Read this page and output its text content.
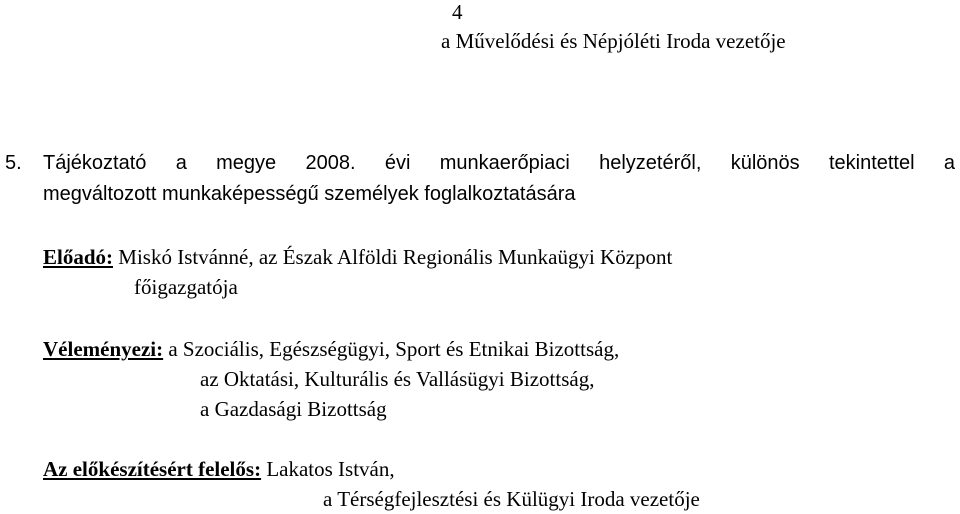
4
a Művelődési és Népjóléti Iroda vezetője
5. Tájékoztató a megye 2008. évi munkaerőpiaci helyzetéről, különös tekintettel a
megváltozott munkaképességű személyek foglalkoztatására
Előadó: Miskó Istvánné, az Észak Alföldi Regionális Munkaügyi Központ
főigazgatója
Véleményezi: a Szociális, Egészségügyi, Sport és Etnikai Bizottság,
az Oktatási, Kulturális és Vallásügyi Bizottság,
a Gazdasági Bizottság
Az előkészítésért felelős: Lakatos István,
a Térségfejlesztési és Külügyi Iroda vezetője
